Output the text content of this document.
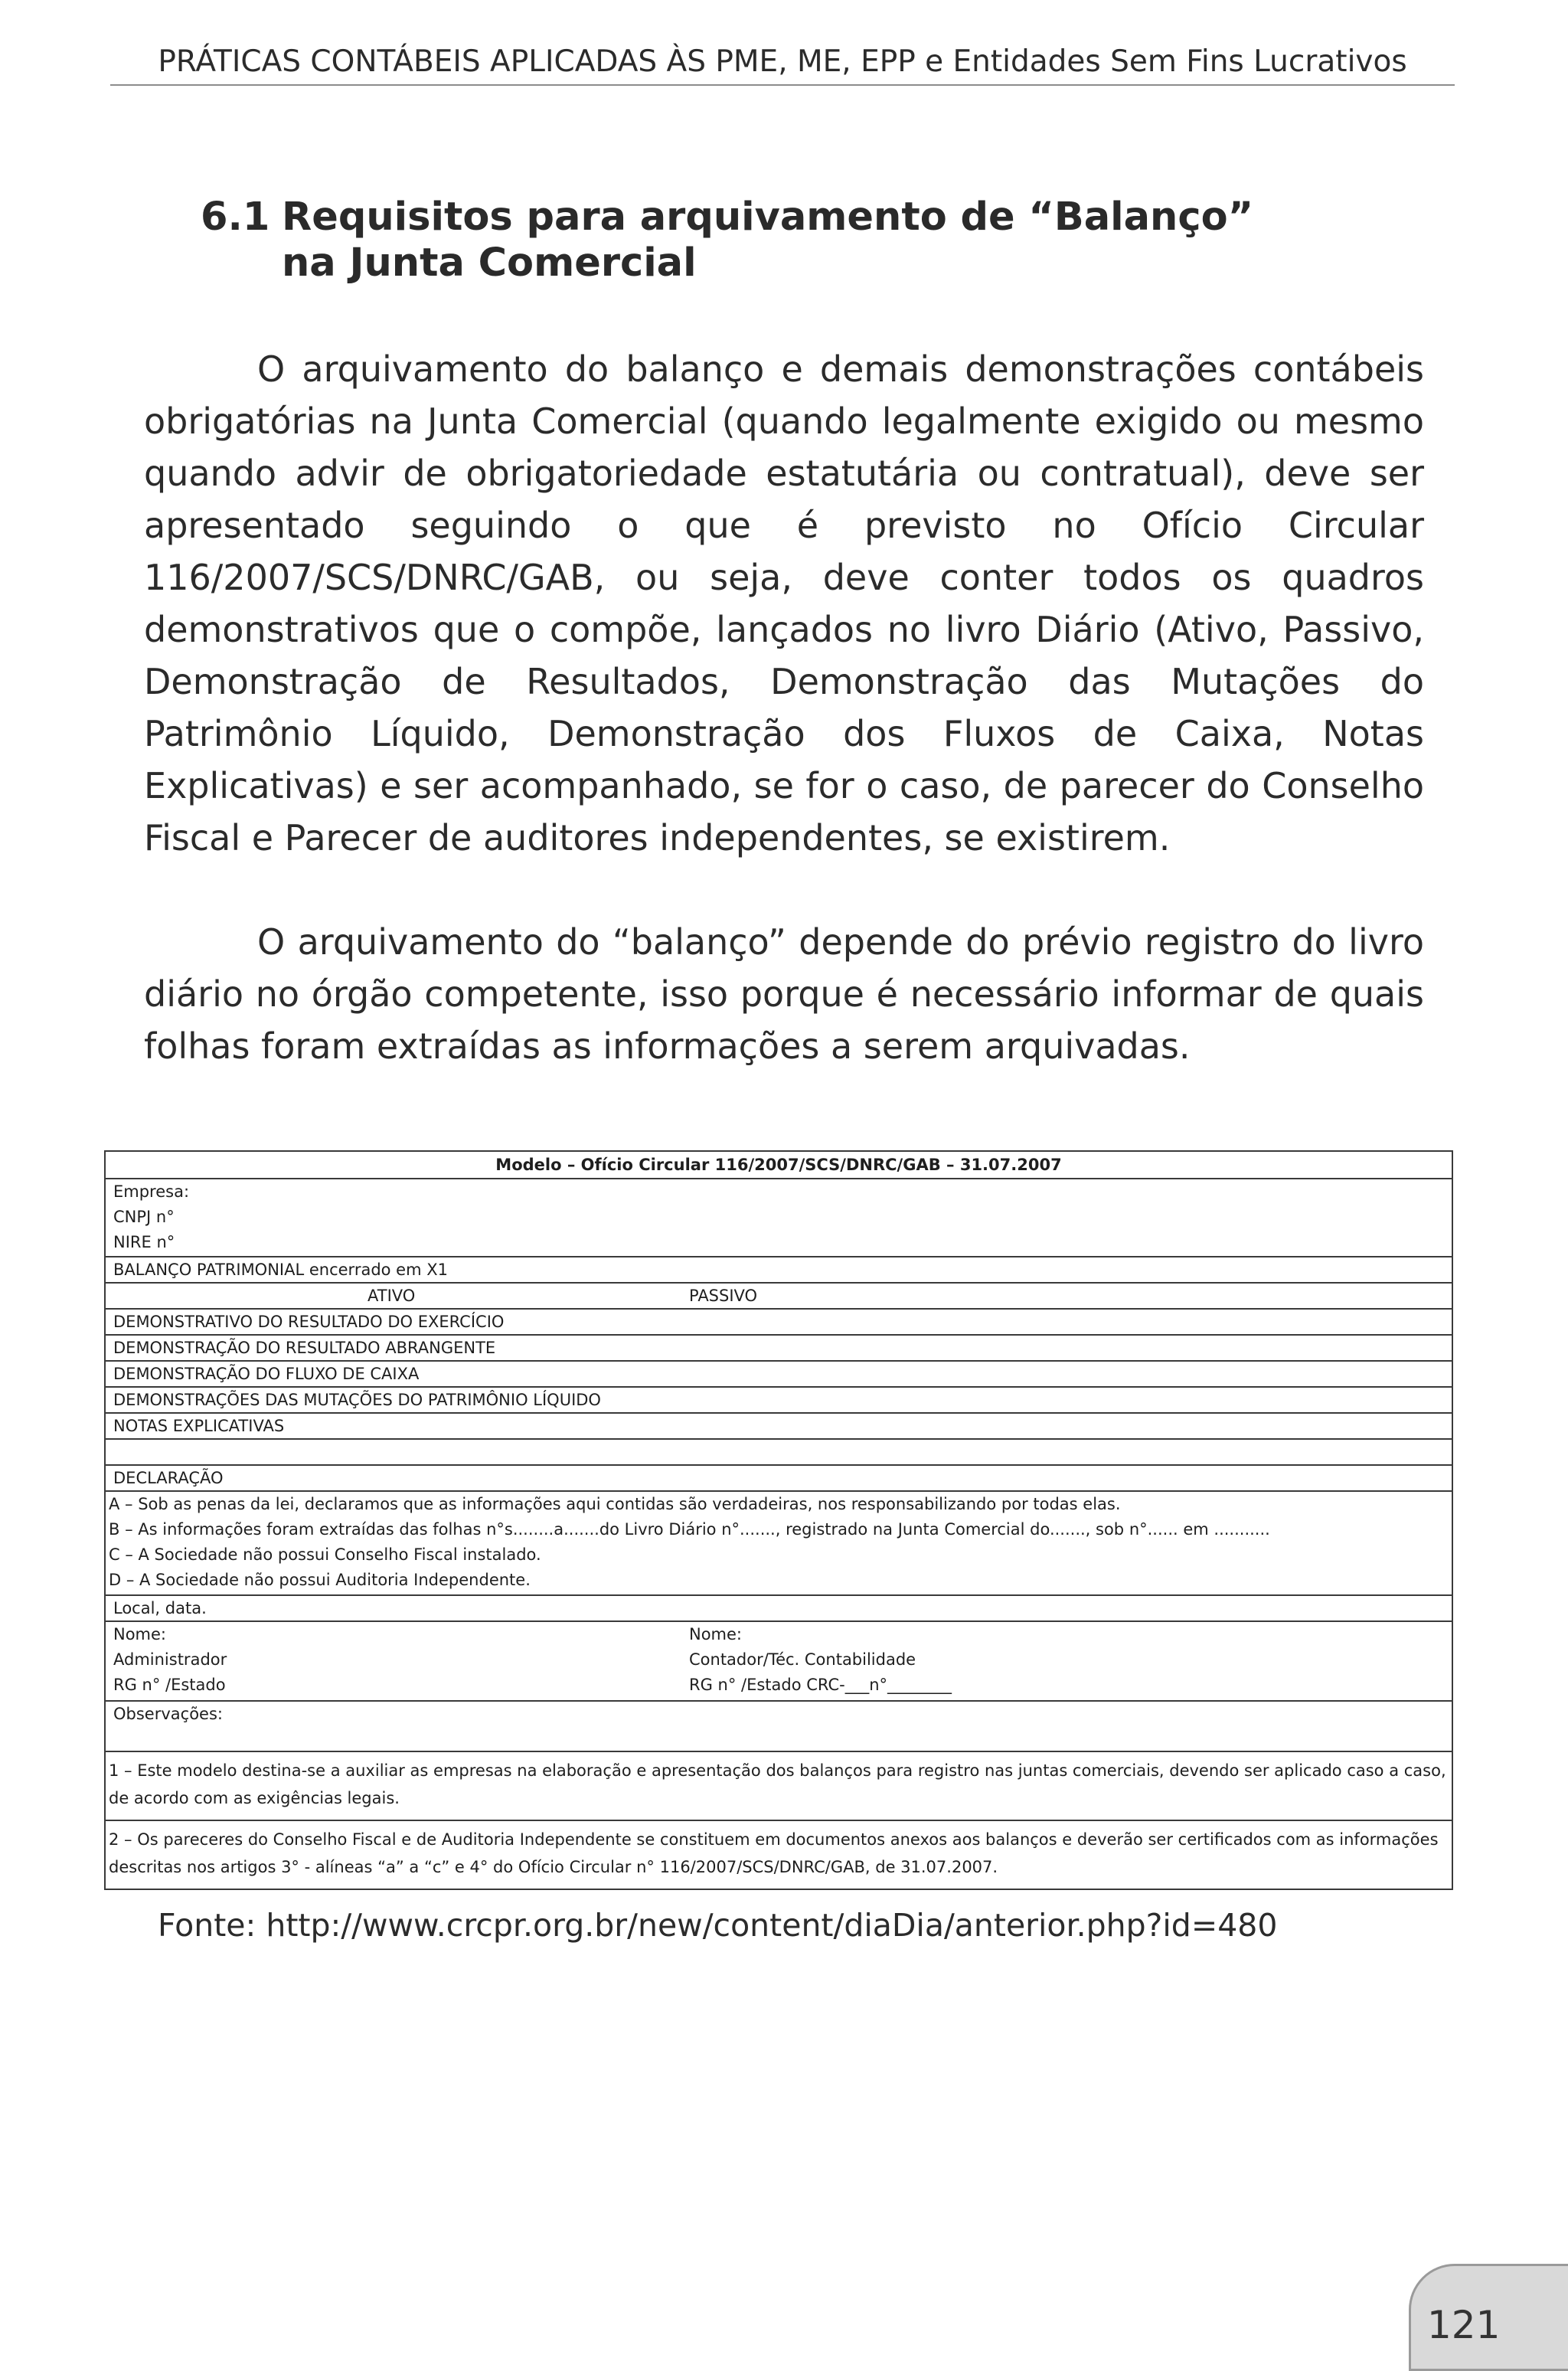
PRÁTICAS CONTÁBEIS APLICADAS ÀS PME, ME, EPP e Entidades Sem Fins Lucrativos
6.1 Requisitos para arquivamento de “Balanço”
na Junta Comercial

O arquivamento do balanço e demais demonstrações contábeis obrigatórias na Junta Comercial (quando legalmente exigido ou mesmo quando advir de obrigatoriedade estatutária ou contratual), deve ser apresentado seguindo o que é previsto no Ofício Circular 116/2007/SCS/DNRC/GAB, ou seja, deve conter todos os quadros demonstrativos que o compõe, lançados no livro Diário (Ativo, Passivo, Demonstração de Resultados, Demonstração das Mutações do Patrimônio Líquido, Demonstração dos Fluxos de Caixa, Notas Explicativas) e ser acompanhado, se for o caso, de parecer do Conselho Fiscal e Parecer de auditores independentes, se existirem.

O arquivamento do “balanço” depende do prévio registro do livro diário no órgão competente, isso porque é necessário informar de quais folhas foram extraídas as informações a serem arquivadas.

Modelo – Ofício Circular 116/2007/SCS/DNRC/GAB – 31.07.2007
Empresa:
CNPJ n°
NIRE n°
BALANÇO PATRIMONIAL encerrado em X1
ATIVO	PASSIVO
DEMONSTRATIVO DO RESULTADO DO EXERCÍCIO
DEMONSTRAÇÃO DO RESULTADO ABRANGENTE
DEMONSTRAÇÃO DO FLUXO DE CAIXA
DEMONSTRAÇÕES DAS MUTAÇÕES DO PATRIMÔNIO LÍQUIDO
NOTAS EXPLICATIVAS
DECLARAÇÃO
A – Sob as penas da lei, declaramos que as informações aqui contidas são verdadeiras, nos responsabilizando por todas elas.
B – As informações foram extraídas das folhas n°s........a.......do Livro Diário n°......., registrado na Junta Comercial do......., sob n°...... em ...........
C – A Sociedade não possui Conselho Fiscal instalado.
D – A Sociedade não possui Auditoria Independente.
Local, data.
Nome:
Administrador
RG n° /Estado
Nome:
Contador/Téc. Contabilidade
RG n° /Estado CRC-___n°________
Observações:
1 – Este modelo destina-se a auxiliar as empresas na elaboração e apresentação dos balanços para registro nas juntas comerciais, devendo ser aplicado caso a caso, de acordo com as exigências legais.
2 – Os pareceres do Conselho Fiscal e de Auditoria Independente se constituem em documentos anexos aos balanços e deverão ser certificados com as informações descritas nos artigos 3° - alíneas “a” a “c” e 4° do Ofício Circular n° 116/2007/SCS/DNRC/GAB, de 31.07.2007.
Fonte: http://www.crcpr.org.br/new/content/diaDia/anterior.php?id=480
121
